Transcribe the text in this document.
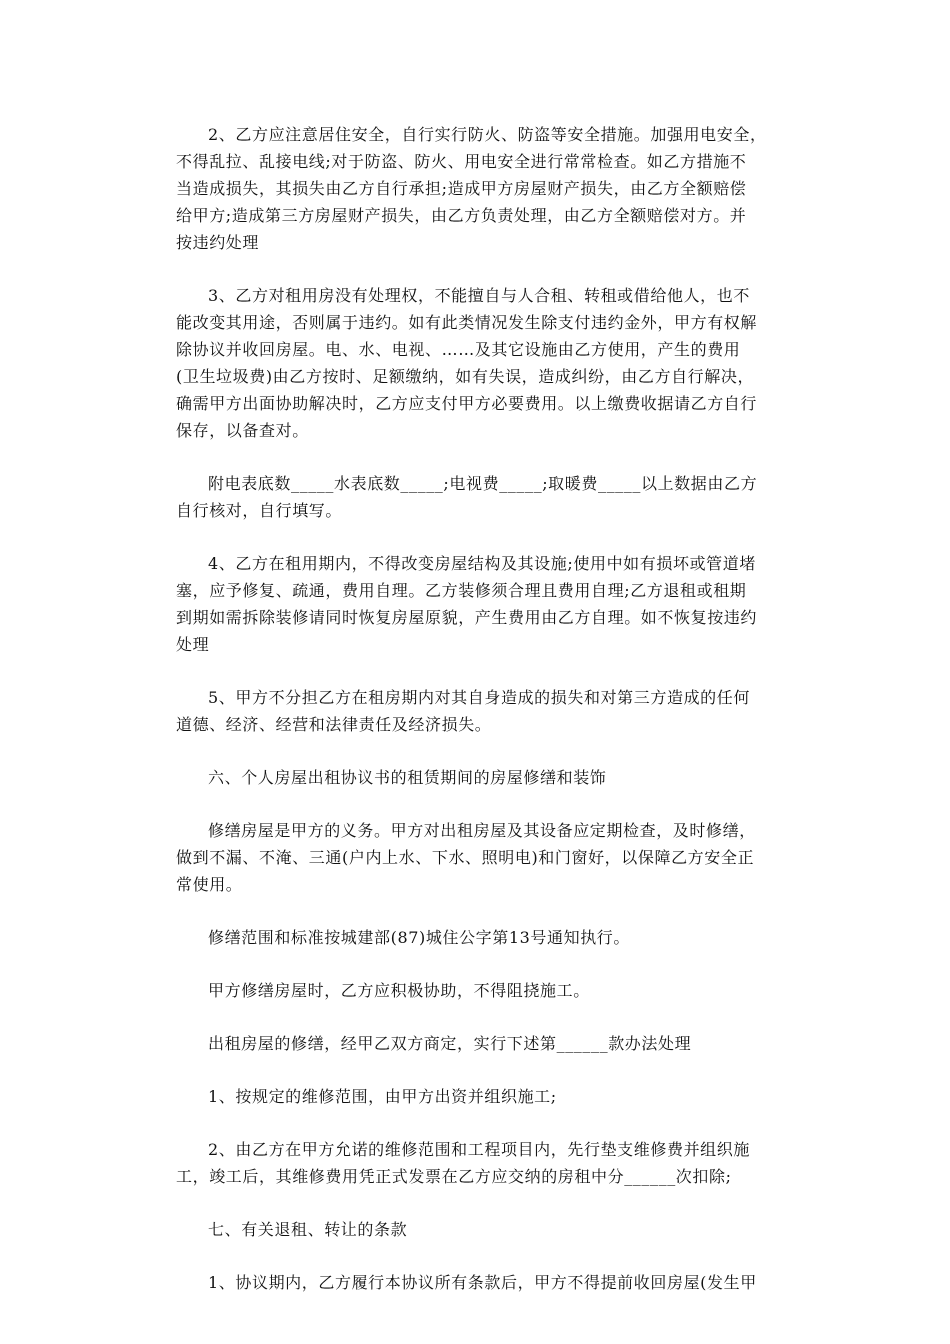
2、乙方应注意居住安全，自行实行防火、防盗等安全措施。加强用电安全，
不得乱拉、乱接电线;对于防盗、防火、用电安全进行常常检查。如乙方措施不
当造成损失，其损失由乙方自行承担;造成甲方房屋财产损失，由乙方全额赔偿
给甲方;造成第三方房屋财产损失，由乙方负责处理，由乙方全额赔偿对方。并
按违约处理
3、乙方对租用房没有处理权，不能擅自与人合租、转租或借给他人，也不
能改变其用途，否则属于违约。如有此类情况发生除支付违约金外，甲方有权解
除协议并收回房屋。电、水、电视、……及其它设施由乙方使用，产生的费用
(卫生垃圾费)由乙方按时、足额缴纳，如有失误，造成纠纷，由乙方自行解决，
确需甲方出面协助解决时，乙方应支付甲方必要费用。以上缴费收据请乙方自行
保存，以备查对。
附电表底数_____水表底数_____;电视费_____;取暖费_____以上数据由乙方
自行核对，自行填写。
4、乙方在租用期内，不得改变房屋结构及其设施;使用中如有损坏或管道堵
塞，应予修复、疏通，费用自理。乙方装修须合理且费用自理;乙方退租或租期
到期如需拆除装修请同时恢复房屋原貌，产生费用由乙方自理。如不恢复按违约
处理
5、甲方不分担乙方在租房期内对其自身造成的损失和对第三方造成的任何
道德、经济、经营和法律责任及经济损失。
六、个人房屋出租协议书的租赁期间的房屋修缮和装饰
修缮房屋是甲方的义务。甲方对出租房屋及其设备应定期检查，及时修缮，
做到不漏、不淹、三通(户内上水、下水、照明电)和门窗好，以保障乙方安全正
常使用。
修缮范围和标准按城建部(87)城住公字第13号通知执行。
甲方修缮房屋时，乙方应积极协助，不得阻挠施工。
出租房屋的修缮，经甲乙双方商定，实行下述第______款办法处理
1、按规定的维修范围，由甲方出资并组织施工;
2、由乙方在甲方允诺的维修范围和工程项目内，先行垫支维修费并组织施
工，竣工后，其维修费用凭正式发票在乙方应交纳的房租中分______次扣除;
七、有关退租、转让的条款
1、协议期内，乙方履行本协议所有条款后，甲方不得提前收回房屋(发生甲
